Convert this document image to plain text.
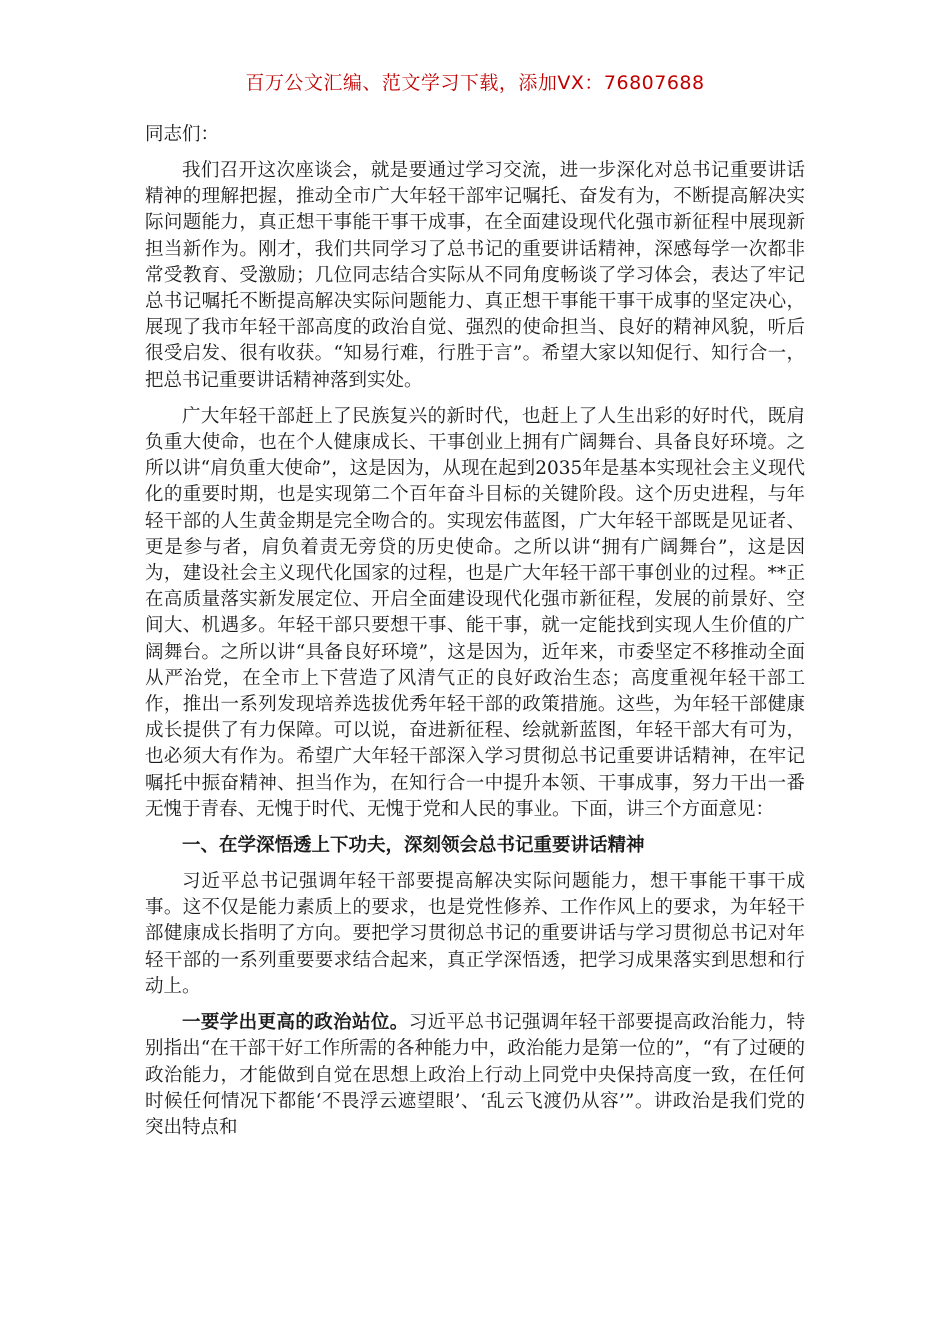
百万公文汇编、范文学习下载，添加VX：76807688

同志们：

我们召开这次座谈会，就是要通过学习交流，进一步深化对总书记重要讲话精神的理解把握，推动全市广大年轻干部牢记嘱托、奋发有为，不断提高解决实际问题能力，真正想干事能干事干成事，在全面建设现代化强市新征程中展现新担当新作为。刚才，我们共同学习了总书记的重要讲话精神，深感每学一次都非常受教育、受激励；几位同志结合实际从不同角度畅谈了学习体会，表达了牢记总书记嘱托不断提高解决实际问题能力、真正想干事能干事干成事的坚定决心，展现了我市年轻干部高度的政治自觉、强烈的使命担当、良好的精神风貌，听后很受启发、很有收获。“知易行难，行胜于言”。希望大家以知促行、知行合一，把总书记重要讲话精神落到实处。

广大年轻干部赶上了民族复兴的新时代，也赶上了人生出彩的好时代，既肩负重大使命，也在个人健康成长、干事创业上拥有广阔舞台、具备良好环境。之所以讲“肩负重大使命”，这是因为，从现在起到2035年是基本实现社会主义现代化的重要时期，也是实现第二个百年奋斗目标的关键阶段。这个历史进程，与年轻干部的人生黄金期是完全吻合的。实现宏伟蓝图，广大年轻干部既是见证者、更是参与者，肩负着责无旁贷的历史使命。之所以讲“拥有广阔舞台”，这是因为，建设社会主义现代化国家的过程，也是广大年轻干部干事创业的过程。**正在高质量落实新发展定位、开启全面建设现代化强市新征程，发展的前景好、空间大、机遇多。年轻干部只要想干事、能干事，就一定能找到实现人生价值的广阔舞台。之所以讲“具备良好环境”，这是因为，近年来，市委坚定不移推动全面从严治党，在全市上下营造了风清气正的良好政治生态；高度重视年轻干部工作，推出一系列发现培养选拔优秀年轻干部的政策措施。这些，为年轻干部健康成长提供了有力保障。可以说，奋进新征程、绘就新蓝图，年轻干部大有可为，也必须大有作为。希望广大年轻干部深入学习贯彻总书记重要讲话精神，在牢记嘱托中振奋精神、担当作为，在知行合一中提升本领、干事成事，努力干出一番无愧于青春、无愧于时代、无愧于党和人民的事业。下面，讲三个方面意见：

一、在学深悟透上下功夫，深刻领会总书记重要讲话精神

习近平总书记强调年轻干部要提高解决实际问题能力，想干事能干事干成事。这不仅是能力素质上的要求，也是党性修养、工作作风上的要求，为年轻干部健康成长指明了方向。要把学习贯彻总书记的重要讲话与学习贯彻总书记对年轻干部的一系列重要要求结合起来，真正学深悟透，把学习成果落实到思想和行动上。

一要学出更高的政治站位。习近平总书记强调年轻干部要提高政治能力，特别指出“在干部干好工作所需的各种能力中，政治能力是第一位的”，“有了过硬的政治能力，才能做到自觉在思想上政治上行动上同党中央保持高度一致，在任何时候任何情况下都能‘不畏浮云遮望眼’、‘乱云飞渡仍从容’”。讲政治是我们党的突出特点和
